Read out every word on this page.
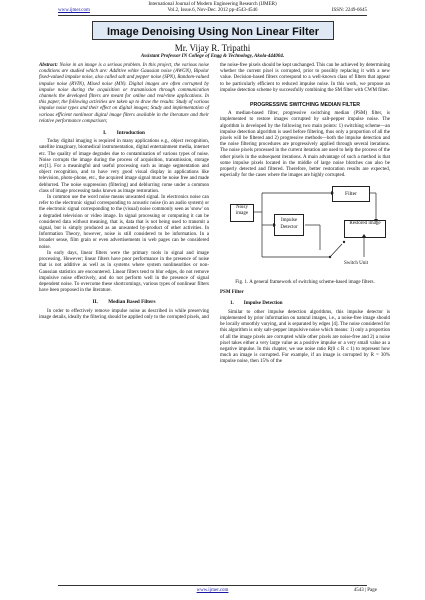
International Journal of Modern Engineering Research (IJMER)
www.ijmer.com	Vol.2, Issue.6, Nov-Dec. 2012 pp-4543-4546	ISSN: 2249-6645
Image Denoising Using Non Linear Filter
Mr. Vijay R. Tripathi
Assistant Professor IN College of Engg & Technology, Akola-444004.

Abstract: Noise in an image is a serious problem. In this project, the various noise conditions are studied which are: Additive white Gaussian noise (AWGN), Bipolar fixed-valued impulse noise, also called salt and pepper noise (SPN), Random-valued impulse noise (RVIN), Mixed noise (MN). Digital images are often corrupted by impulse noise during the acquisition or transmission through communication channels the developed filters are meant for online and real-time applications. In this paper, the following activities are taken up to draw the results: Study of various impulse noise types and their effect on digital images; Study and implementation of various efficient nonlinear digital image filters available in the literature and their relative performance comparison;

I.  Introduction

Today digital imaging is required in many applications e.g., object recognition, satellite imaginary, biomedical instrumentation, digital entertainment media, internet etc. The quality of image degrades due to contamination of various types of noise. Noise corrupts the image during the process of acquisition, transmission, storage etc[1]. For a meaningful and useful processing such as image segmentation and object recognition, and to have very good visual display in applications like television, photo-phone, etc., the acquired image signal must be noise free and made deblurred. The noise suppression (filtering) and deblurring come under a common class of image processing tasks known as image restoration.

In common use the word noise means unwanted signal. In electronics noise can refer to the electronic signal corresponding to acoustic noise (in an audio system) or the electronic signal corresponding to the (visual) noise commonly seen as 'snow' on a degraded television or video image. In signal processing or computing it can be considered data without meaning, that is, data that is not being used to transmit a signal, but is simply produced as an unwanted by-product of other activities. In Information Theory, however, noise is still considered to be information. In a broader sense, film grain or even advertisements in web pages can be considered noise.

In early days, linear filters were the primary tools in signal and image processing. However; linear filters have poor performance in the presence of noise that is not additive as well as in systems where system nonlinearities or non-Gaussian statistics are encountered. Linear filters tend to blur edges, do not remove impulsive noise effectively, and do not perform well in the presence of signal dependent noise. To overcome these shortcomings, various types of nonlinear filters have been proposed in the literature.

II.  Median Based Filters

In order to effectively remove impulse noise as described in while preserving image details, ideally the filtering should be applied only to the corrupted pixels, and

the noise-free pixels should be kept unchanged. This can be achieved by determining whether the current pixel is corrupted, prior to possibly replacing it with a new value. Decision-based filters correspond to a well-known class of filters that appear to be particularly efficient to reduced impulse noise. In this work, we propose an impulse detection scheme by successfully combining the SM filter with CWM filter.

PROGRESSIVE SWITCHING MEDIAN FILTER

A median-based filter, progressive switching median (PSM) filter, is implemented to restore images corrupted by salt-pepper impulse noise. The algorithm is developed by the following two main points: 1) switching scheme—an impulse detection algorithm is used before filtering, thus only a proportion of all the pixels will be filtered and 2) progressive methods—both the impulse detection and the noise filtering procedures are progressively applied through several iterations. The noise pixels processed in the current iteration are used to help the process of the other pixels in the subsequent iterations. A main advantage of such a method is that some impulse pixels located in the middle of large noise blotches can also be properly detected and filtered. Therefore, better restoration results are expected, especially for the cases where the images are highly corrupted.

Noisy image
Filter
Impulse Detector
Restored image
Switch Unit
Fig. 1. A general framework of switching scheme-based image filters.
PSM Filter
1.  Impulse Detection

Similar to other impulse detection algorithms, this impulse detector is implemented by prior information on natural images, i.e., a noise-free image should be locally smoothly varying, and is separated by edges [4]. The noise considered for this algorithm is only salt–pepper impulsive noise which means: 1) only a proportion of all the image pixels are corrupted while other pixels are noise-free and 2) a noise pixel takes either a very large value as a positive impulse or a very small value as a negative impulse. In this chapter, we use noise ratio R(0 ≤ R ≤ 1) to represent how much an image is corrupted. For example, if an image is corrupted by R = 30% impulse noise, then 15% of the

www.ijmer.com	4543 | Page
